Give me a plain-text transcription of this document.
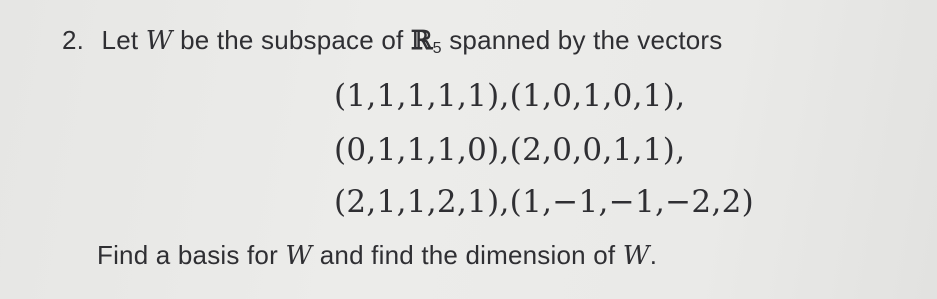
2. Let W be the subspace of ℝ$_5$ spanned by the vectors
(1,1,1,1,1),(1,0,1,0,1),
(0,1,1,1,0),(2,0,0,1,1),
(2,1,1,2,1),(1,−1,−1,−2,2)
Find a basis for W and find the dimension of W.
